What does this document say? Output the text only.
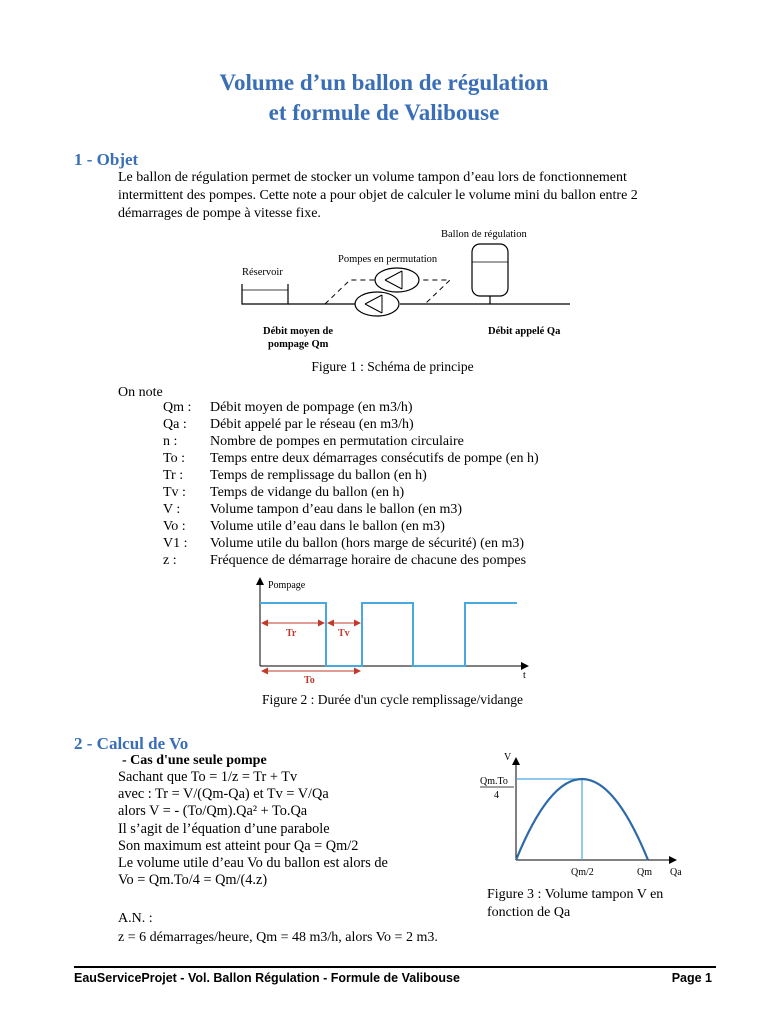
Volume d’un ballon de régulation
et formule de Valibouse
1 - Objet
Le ballon de régulation permet de stocker un volume tampon d’eau lors de fonctionnement
intermittent des pompes. Cette note a pour objet de calculer le volume mini du ballon entre 2
démarrages de pompe à vitesse fixe.
Ballon de régulation
Pompes en permutation
Réservoir
Débit moyen de
pompage Qm
Débit appelé Qa
Figure 1 : Schéma de principe
On note
Qm :	Débit moyen de pompage (en m3/h)
Qa :	Débit appelé par le réseau (en m3/h)
n :	Nombre de pompes en permutation circulaire
To :	Temps entre deux démarrages consécutifs de pompe (en h)
Tr :	Temps de remplissage du ballon (en h)
Tv :	Temps de vidange du ballon (en h)
V :	Volume tampon d’eau dans le ballon (en m3)
Vo :	Volume utile d’eau dans le ballon (en m3)
V1 :	Volume utile du ballon (hors marge de sécurité) (en m3)
z :	Fréquence de démarrage horaire de chacune des pompes
Pompage
t
Tr	Tv
To
Figure 2 : Durée d'un cycle remplissage/vidange
2 - Calcul de Vo
- Cas d'une seule pompe
Sachant que To = 1/z = Tr + Tv
avec : Tr = V/(Qm-Qa) et Tv = V/Qa
alors V = - (To/Qm).Qa² + To.Qa
Il s’agit de l’équation d’une parabole
Son maximum est atteint pour Qa = Qm/2
Le volume utile d’eau Vo du ballon est alors de
Vo = Qm.To/4 = Qm/(4.z)
A.N. :
z = 6 démarrages/heure, Qm = 48 m3/h, alors Vo = 2 m3.
V
Qm.To
4
Qm/2	Qm Qa
Figure 3 : Volume tampon V en
fonction de Qa
EauServiceProjet - Vol. Ballon Régulation - Formule de Valibouse	Page 1
